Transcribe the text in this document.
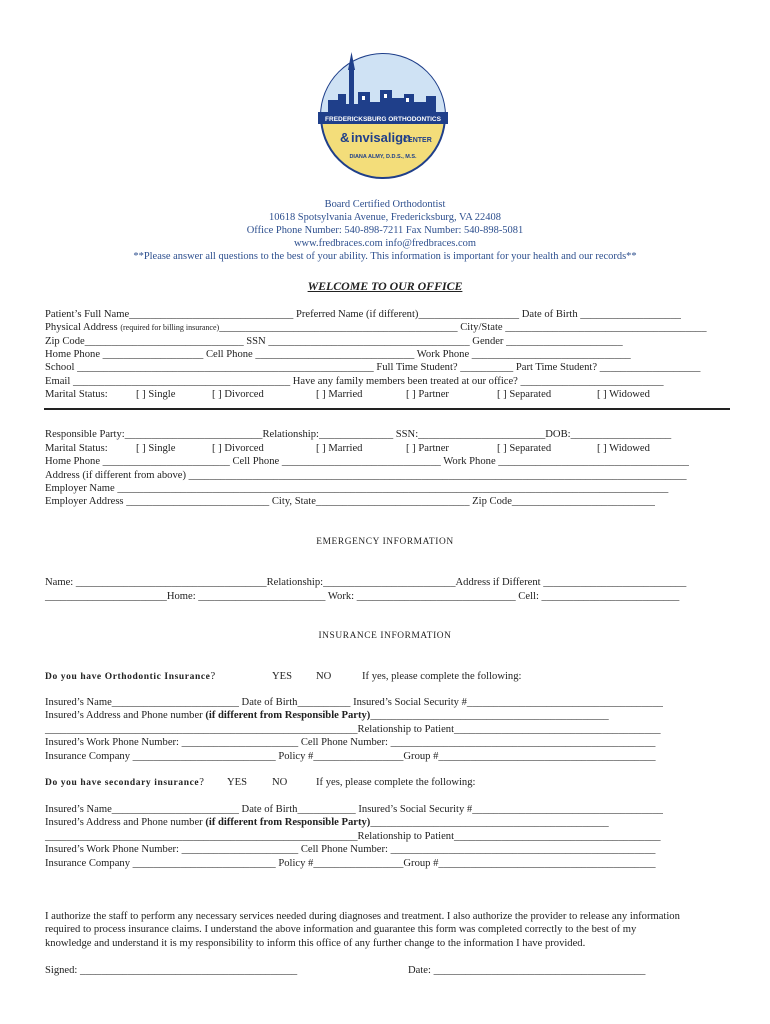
FREDERICKSBURG ORTHODONTICS
& invisalign
CENTER
DIANA ALMY, D.D.S., M.S.
Board Certified Orthodontist
10618 Spotsylvania Avenue, Fredericksburg, VA 22408
Office Phone Number: 540-898-7211 Fax Number: 540-898-5081
www.fredbraces.com info@fredbraces.com
**Please answer all questions to the best of your ability. This information is important for your health and our records**
WELCOME TO OUR OFFICE
Patient’s Full Name_______________________________ Preferred Name (if different)___________________ Date of Birth ___________________
Physical Address (required for billing insurance)_____________________________________________ City/State ______________________________________
Zip Code______________________________ SSN ______________________________________ Gender ______________________
Home Phone ___________________ Cell Phone ______________________________ Work Phone ______________________________
School ________________________________________________________ Full Time Student? __________ Part Time Student? ___________________
Email _________________________________________ Have any family members been treated at our office? ___________________________
Marital Status:	[ ] Single	[ ] Divorced	[ ] Married	[ ] Partner	[ ] Separated	[ ] Widowed
Responsible Party:__________________________Relationship:______________ SSN:________________________DOB:___________________
Marital Status:	[ ] Single	[ ] Divorced	[ ] Married	[ ] Partner	[ ] Separated	[ ] Widowed
Home Phone ________________________ Cell Phone ______________________________ Work Phone ____________________________________
Address (if different from above) ______________________________________________________________________________________________
Employer Name ________________________________________________________________________________________________________
Employer Address ___________________________ City, State_____________________________ Zip Code___________________________
EMERGENCY INFORMATION
Name: ____________________________________Relationship:_________________________Address if Different ___________________________
_______________________Home: ________________________ Work: ______________________________ Cell: __________________________
INSURANCE INFORMATION
Do you have Orthodontic Insurance?	YES NO	If yes, please complete the following:
Insured’s Name________________________ Date of Birth__________ Insured’s Social Security #_____________________________________
Insured’s Address and Phone number (if different from Responsible Party)_____________________________________________
___________________________________________________________Relationship to Patient_______________________________________
Insured’s Work Phone Number: ______________________ Cell Phone Number: __________________________________________________
Insurance Company ___________________________ Policy #_________________Group #_________________________________________
Do you have secondary insurance? YES NO	If yes, please complete the following:
Insured’s Name________________________ Date of Birth___________ Insured’s Social Security #____________________________________
Insured’s Address and Phone number (if different from Responsible Party)_____________________________________________
___________________________________________________________Relationship to Patient_______________________________________
Insured’s Work Phone Number: ______________________ Cell Phone Number: __________________________________________________
Insurance Company ___________________________ Policy #_________________Group #_________________________________________
I authorize the staff to perform any necessary services needed during diagnoses and treatment. I also authorize the provider to release any information
required to process insurance claims. I understand the above information and guarantee this form was completed correctly to the best of my
knowledge and understand it is my responsibility to inform this office of any further change to the information I have provided.
Signed: _________________________________________	Date: ________________________________________
